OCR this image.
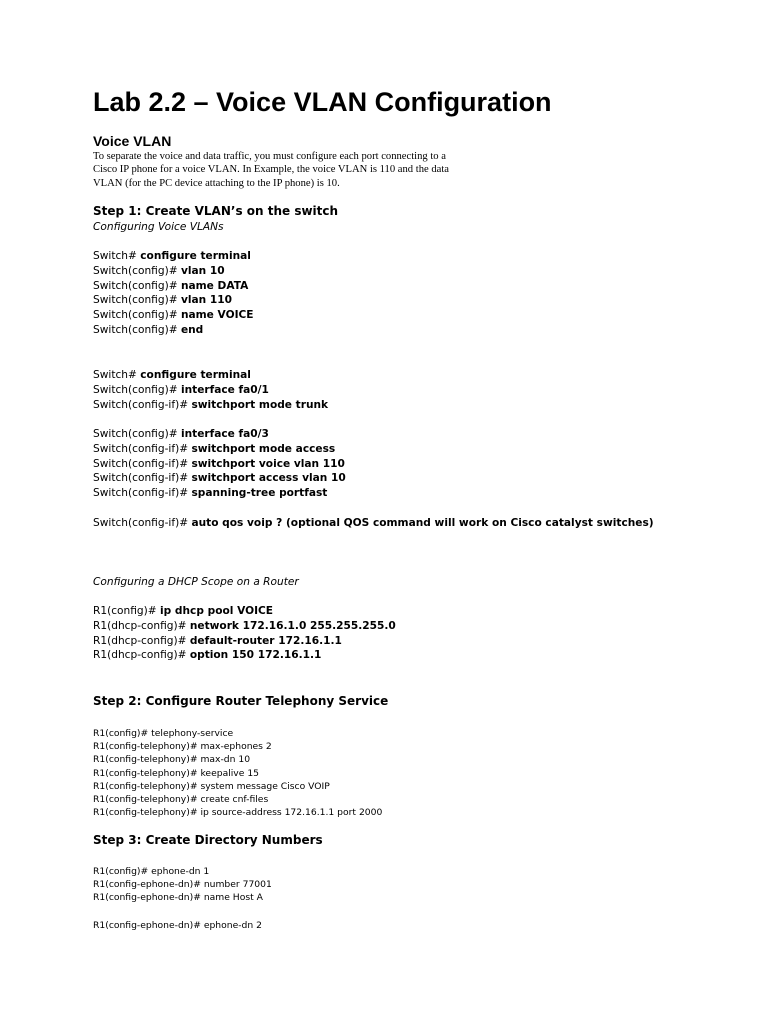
Lab 2.2 – Voice VLAN Configuration
Voice VLAN
To separate the voice and data traffic, you must configure each port connecting to a
Cisco IP phone for a voice VLAN. In Example, the voice VLAN is 110 and the data
VLAN (for the PC device attaching to the IP phone) is 10.
Step 1: Create VLAN’s on the switch
Configuring Voice VLANs
Switch# configure terminal
Switch(config)# vlan 10
Switch(config)# name DATA
Switch(config)# vlan 110
Switch(config)# name VOICE
Switch(config)# end
Switch# configure terminal
Switch(config)# interface fa0/1
Switch(config-if)# switchport mode trunk
Switch(config)# interface fa0/3
Switch(config-if)# switchport mode access
Switch(config-if)# switchport voice vlan 110
Switch(config-if)# switchport access vlan 10
Switch(config-if)# spanning-tree portfast
Switch(config-if)# auto qos voip ? (optional QOS command will work on Cisco catalyst switches)
Configuring a DHCP Scope on a Router
R1(config)# ip dhcp pool VOICE
R1(dhcp-config)# network 172.16.1.0 255.255.255.0
R1(dhcp-config)# default-router 172.16.1.1
R1(dhcp-config)# option 150 172.16.1.1
Step 2: Configure Router Telephony Service
R1(config)# telephony-service
R1(config-telephony)# max-ephones 2
R1(config-telephony)# max-dn 10
R1(config-telephony)# keepalive 15
R1(config-telephony)# system message Cisco VOIP
R1(config-telephony)# create cnf-files
R1(config-telephony)# ip source-address 172.16.1.1 port 2000
Step 3: Create Directory Numbers
R1(config)# ephone-dn 1
R1(config-ephone-dn)# number 77001
R1(config-ephone-dn)# name Host A
R1(config-ephone-dn)# ephone-dn 2
